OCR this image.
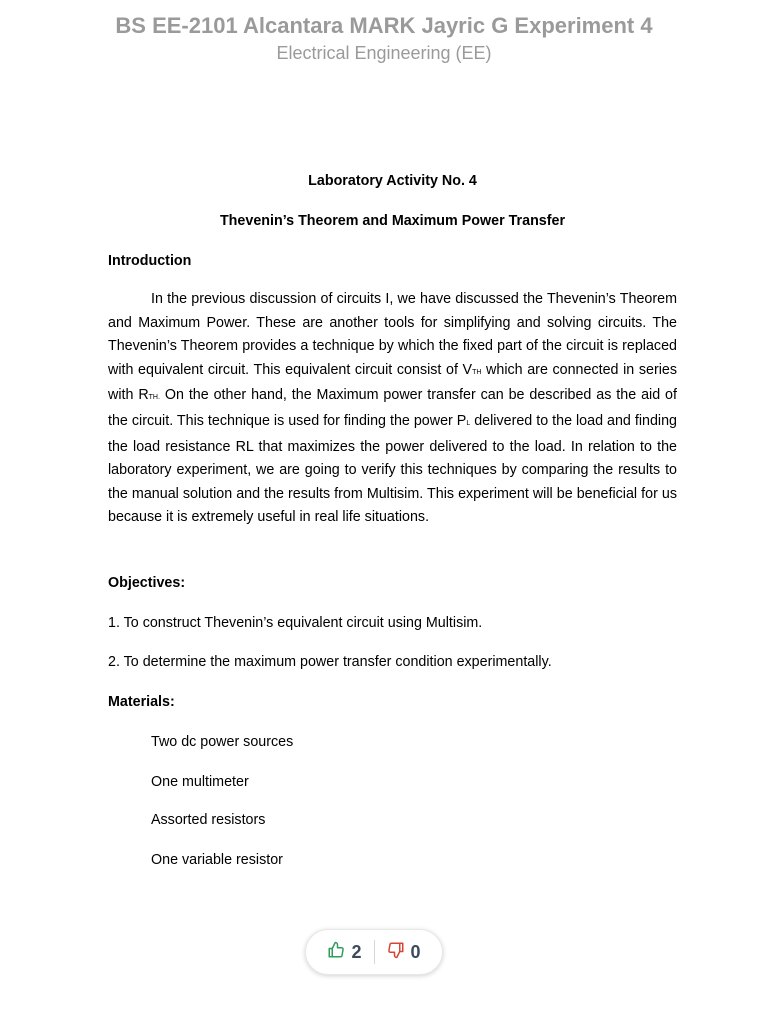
BS EE-2101 Alcantara MARK Jayric G Experiment 4

Electrical Engineering (EE)

Laboratory Activity No. 4

Thevenin’s Theorem and Maximum Power Transfer

Introduction

In the previous discussion of circuits I, we have discussed the Thevenin’s Theorem and Maximum Power. These are another tools for simplifying and solving circuits. The Thevenin’s Theorem provides a technique by which the fixed part of the circuit is replaced with equivalent circuit. This equivalent circuit consist of VTH which are connected in series with RTH. On the other hand, the Maximum power transfer can be described as the aid of the circuit. This technique is used for finding the power PL delivered to the load and finding the load resistance RL that maximizes the power delivered to the load. In relation to the laboratory experiment, we are going to verify this techniques by comparing the results to the manual solution and the results from Multisim. This experiment will be beneficial for us because it is extremely useful in real life situations.

Objectives:

1. To construct Thevenin’s equivalent circuit using Multisim.

2. To determine the maximum power transfer condition experimentally.

Materials:

Two dc power sources

One multimeter

Assorted resistors

One variable resistor

2	0
